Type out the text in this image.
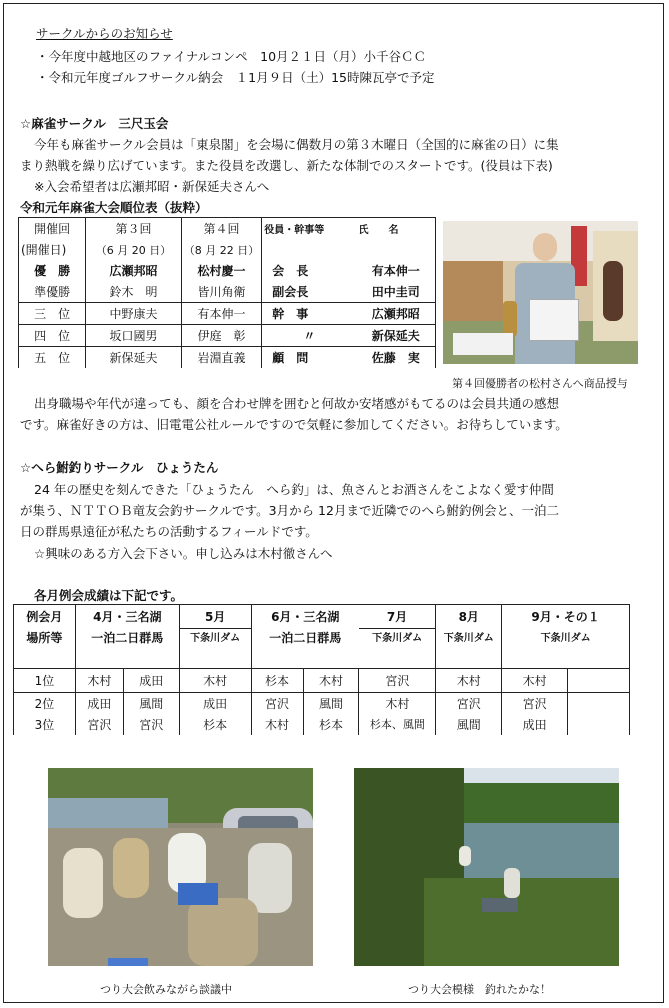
サークルからのお知らせ
・今年度中越地区のファイナルコンペ　10月２１日（月）小千谷ＣＣ
・令和元年度ゴルフサークル納会　１1月９日（土）15時陳瓦亭で予定
☆麻雀サークル　三尺玉会
今年も麻雀サークル会員は「東泉閣」を会場に偶数月の第３木曜日（全国的に麻雀の日）に集
まり熱戦を繰り広げています。また役員を改選し、新たな体制でのスタートです。(役員は下表)
※入会希望者は広瀬邦昭・新保延夫さんへ
令和元年麻雀大会順位表（抜粋）
開催回	第３回	第４回	役員・幹事等	氏　　名
(開催日)	（6 月 20 日）	（8 月 22 日）		
優　勝	広瀬邦昭	松村慶一	会　長	有本伸一
準優勝	鈴木　明	皆川角衛	副会長	田中圭司
三　位	中野康夫	有本伸一	幹　事	広瀬邦昭
四　位	坂口國男	伊庭　彰	〃	新保延夫
五　位	新保延夫	岩淵直義	顧　問	佐藤　実
第４回優勝者の松村さんへ商品授与
出身職場や年代が違っても、顔を合わせ牌を囲むと何故か安堵感がもてるのは会員共通の感想
です。麻雀好きの方は、旧電電公社ルールですので気軽に参加してください。お待ちしています。
☆へら鮒釣りサークル　ひょうたん
24 年の歴史を刻んできた「ひょうたん　へら釣」は、魚さんとお酒さんをこよなく愛す仲間
が集う、ＮＴＴＯＢ竜友会釣サークルです。3月から 12月まで近隣でのへら鮒釣例会と、一泊二
日の群馬県遠征が私たちの活動するフィールドです。
☆興味のある方入会下さい。申し込みは木村徹さんへ
各月例会成績は下記です。
例会月	4月・三名湖		5月	6月・三名湖		7月	8月	9月・その１	
場所等	一泊二日群馬		下条川ダム	一泊二日群馬		下条川ダム	下条川ダム	下条川ダム	
1位	木村	成田	木村	杉本	木村	宮沢	木村	木村	
2位	成田	風間	成田	宮沢	風間	木村	宮沢	宮沢	
3位	宮沢	宮沢	杉本	木村	杉本	杉本、風間	風間	成田	
つり大会飲みながら談議中	つり大会模様　釣れたかな！
